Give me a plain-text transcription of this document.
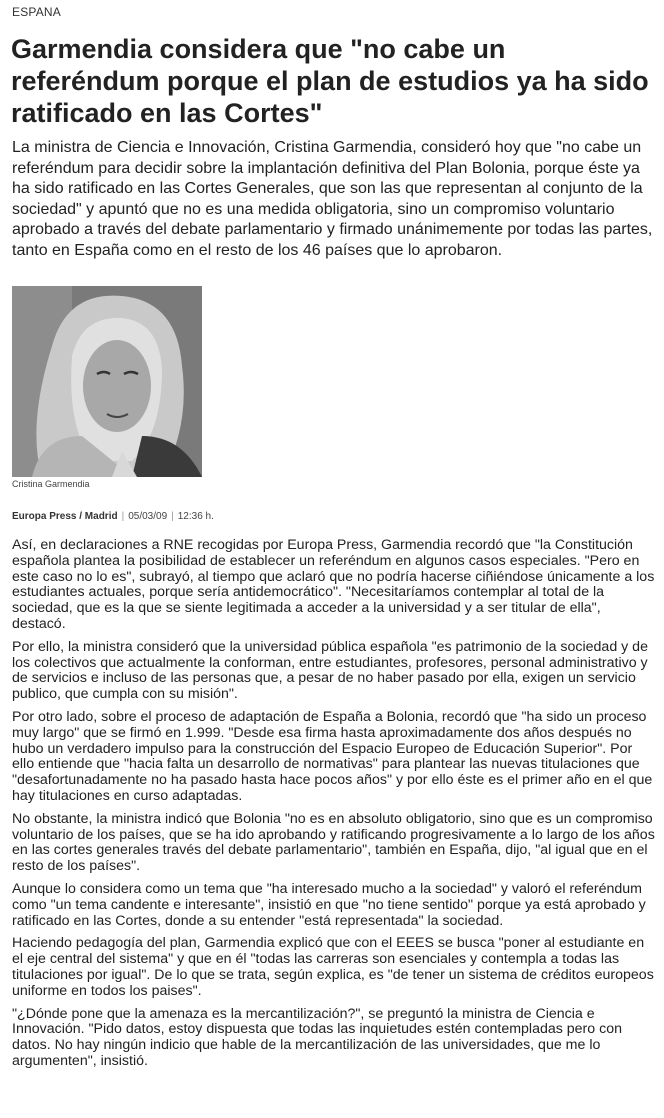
ESPANA
Garmendia considera que "no cabe un referéndum porque el plan de estudios ya ha sido ratificado en las Cortes"

La ministra de Ciencia e Innovación, Cristina Garmendia, consideró hoy que "no cabe un referéndum para decidir sobre la implantación definitiva del Plan Bolonia, porque éste ya ha sido ratificado en las Cortes Generales, que son las que representan al conjunto de la sociedad" y apuntó que no es una medida obligatoria, sino un compromiso voluntario aprobado a través del debate parlamentario y firmado unánimemente por todas las partes, tanto en España como en el resto de los 46 países que lo aprobaron.

Cristina Garmendia
Europa Press / Madrid | 05/03/09 | 12:36 h.

Así, en declaraciones a RNE recogidas por Europa Press, Garmendia recordó que "la Constitución española plantea la posibilidad de establecer un referéndum en algunos casos especiales. "Pero en este caso no lo es", subrayó, al tiempo que aclaró que no podría hacerse ciñiéndose únicamente a los estudiantes actuales, porque sería antidemocrático". "Necesitaríamos contemplar al total de la sociedad, que es la que se siente legitimada a acceder a la universidad y a ser titular de ella", destacó.

Por ello, la ministra consideró que la universidad pública española "es patrimonio de la sociedad y de los colectivos que actualmente la conforman, entre estudiantes, profesores, personal administrativo y de servicios e incluso de las personas que, a pesar de no haber pasado por ella, exigen un servicio publico, que cumpla con su misión".

Por otro lado, sobre el proceso de adaptación de España a Bolonia, recordó que "ha sido un proceso muy largo" que se firmó en 1.999. "Desde esa firma hasta aproximadamente dos años después no hubo un verdadero impulso para la construcción del Espacio Europeo de Educación Superior". Por ello entiende que "hacia falta un desarrollo de normativas" para plantear las nuevas titulaciones que "desafortunadamente no ha pasado hasta hace pocos años" y por ello éste es el primer año en el que hay titulaciones en curso adaptadas.

No obstante, la ministra indicó que Bolonia "no es en absoluto obligatorio, sino que es un compromiso voluntario de los países, que se ha ido aprobando y ratificando progresivamente a lo largo de los años en las cortes generales través del debate parlamentario", también en España, dijo, "al igual que en el resto de los países".

Aunque lo considera como un tema que "ha interesado mucho a la sociedad" y valoró el referéndum como "un tema candente e interesante", insistió en que "no tiene sentido" porque ya está aprobado y ratificado en las Cortes, donde a su entender "está representada" la sociedad.

Haciendo pedagogía del plan, Garmendia explicó que con el EEES se busca "poner al estudiante en el eje central del sistema" y que en él "todas las carreras son esenciales y contempla a todas las titulaciones por igual". De lo que se trata, según explica, es "de tener un sistema de créditos europeos uniforme en todos los paises".

"¿Dónde pone que la amenaza es la mercantilización?", se preguntó la ministra de Ciencia e Innovación. "Pido datos, estoy dispuesta que todas las inquietudes estén contempladas pero con datos. No hay ningún indicio que hable de la mercantilización de las universidades, que me lo argumenten", insistió.
